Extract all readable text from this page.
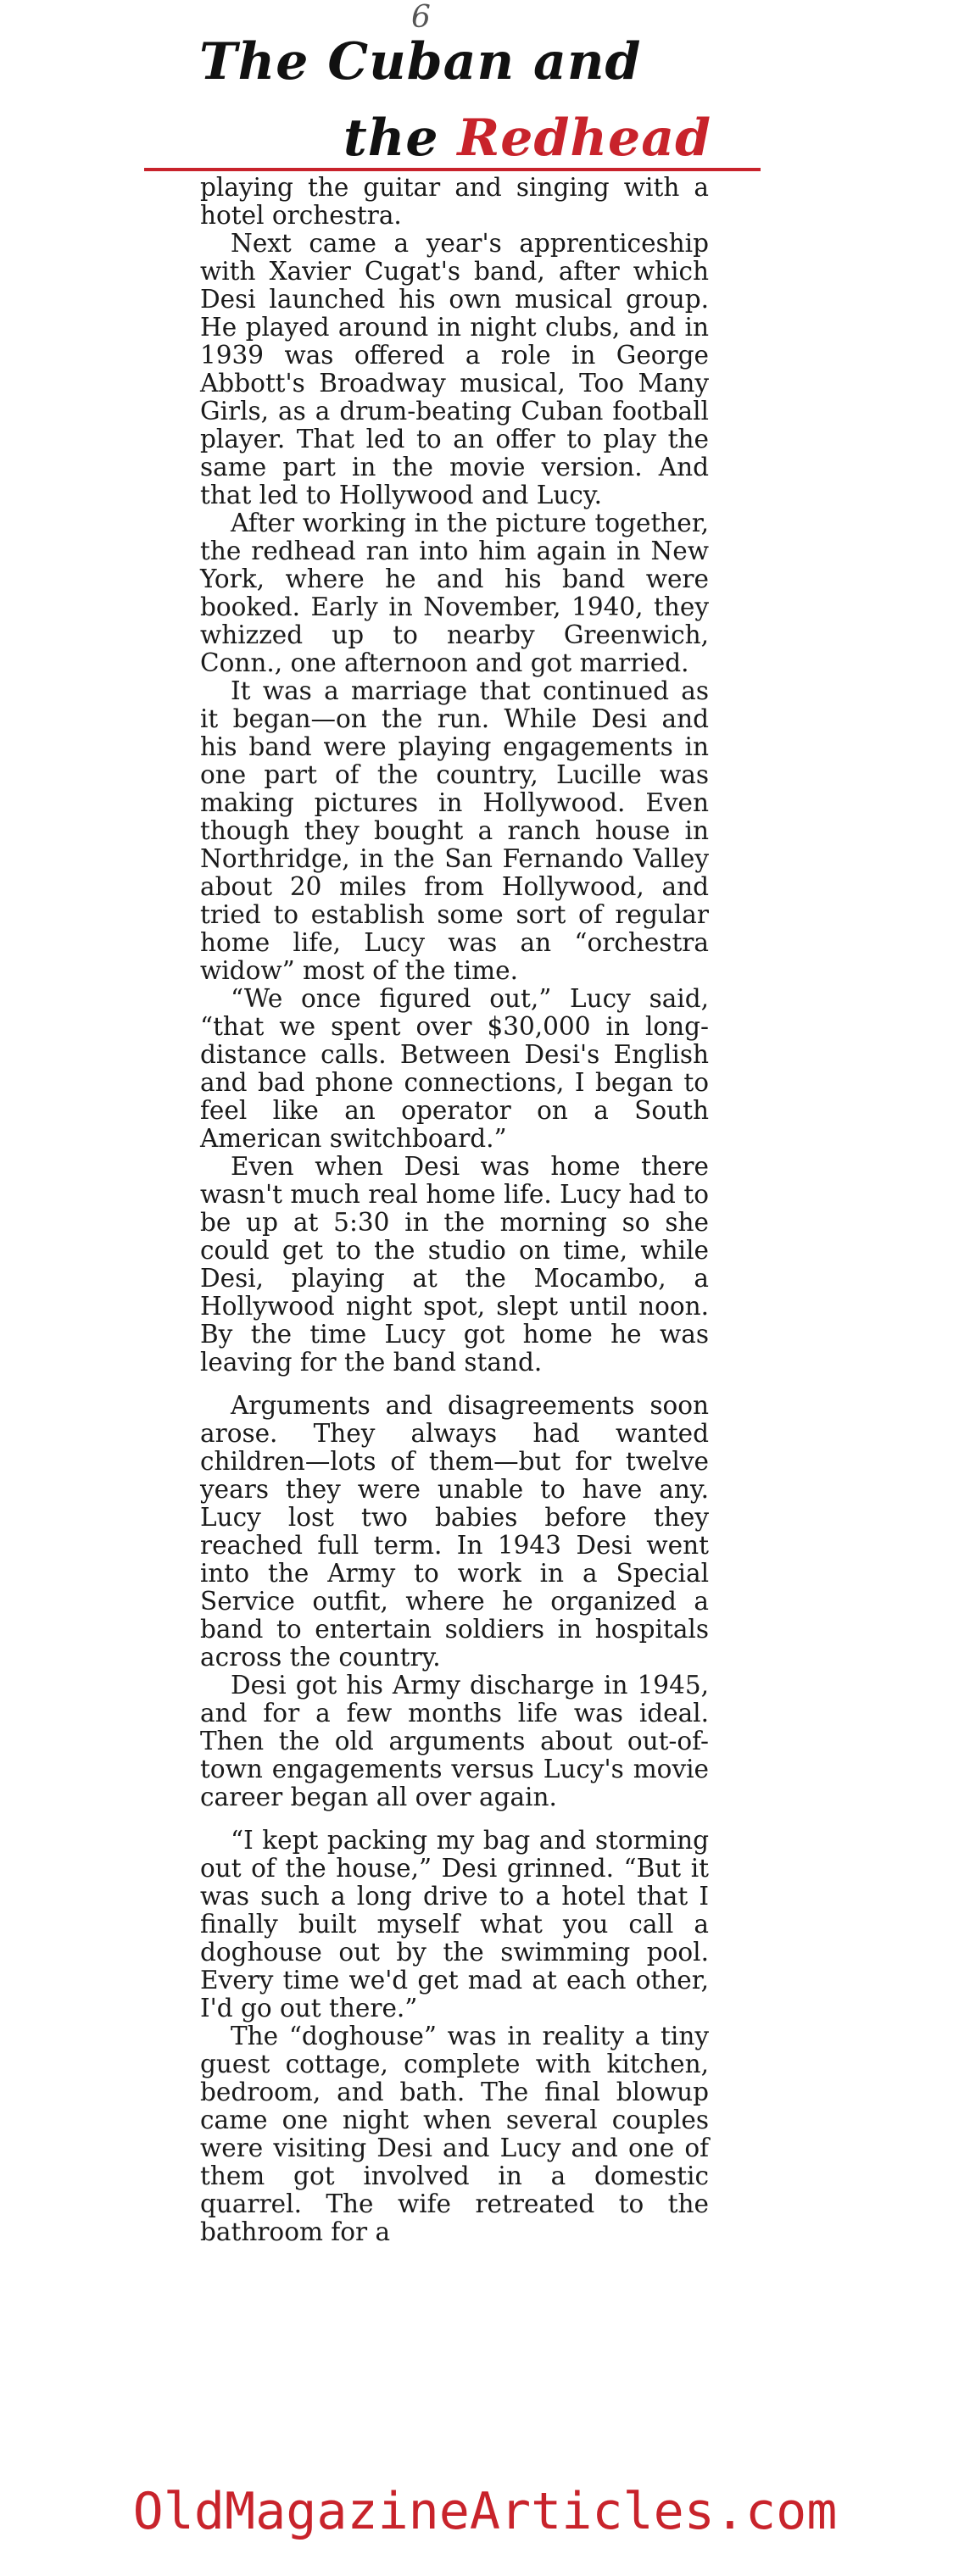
6
The Cuban and
the Redhead

playing the guitar and singing with a hotel orchestra.

Next came a year's apprenticeship with Xavier Cugat's band, after which Desi launched his own musical group. He played around in night clubs, and in 1939 was offered a role in George Abbott's Broadway musical, Too Many Girls, as a drum-beating Cuban football player. That led to an offer to play the same part in the movie version. And that led to Hollywood and Lucy.

After working in the picture together, the redhead ran into him again in New York, where he and his band were booked. Early in November, 1940, they whizzed up to nearby Greenwich, Conn., one afternoon and got married.

It was a marriage that continued as it began—on the run. While Desi and his band were playing engagements in one part of the country, Lucille was making pictures in Hollywood. Even though they bought a ranch house in Northridge, in the San Fernando Valley about 20 miles from Hollywood, and tried to establish some sort of regular home life, Lucy was an “orchestra widow” most of the time.

“We once figured out,” Lucy said, “that we spent over $30,000 in long-distance calls. Between Desi's English and bad phone connections, I began to feel like an operator on a South American switchboard.”

Even when Desi was home there wasn't much real home life. Lucy had to be up at 5:30 in the morning so she could get to the studio on time, while Desi, playing at the Mocambo, a Hollywood night spot, slept until noon. By the time Lucy got home he was leaving for the band stand.

Arguments and disagreements soon arose. They always had wanted children—lots of them—but for twelve years they were unable to have any. Lucy lost two babies before they reached full term. In 1943 Desi went into the Army to work in a Special Service outfit, where he organized a band to entertain soldiers in hospitals across the country.

Desi got his Army discharge in 1945, and for a few months life was ideal. Then the old arguments about out-of-town engagements versus Lucy's movie career began all over again.

“I kept packing my bag and storming out of the house,” Desi grinned. “But it was such a long drive to a hotel that I finally built myself what you call a doghouse out by the swimming pool. Every time we'd get mad at each other, I'd go out there.”

The “doghouse” was in reality a tiny guest cottage, complete with kitchen, bedroom, and bath. The final blowup came one night when several couples were visiting Desi and Lucy and one of them got involved in a domestic quarrel. The wife retreated to the bathroom for a

OldMagazineArticles.com
